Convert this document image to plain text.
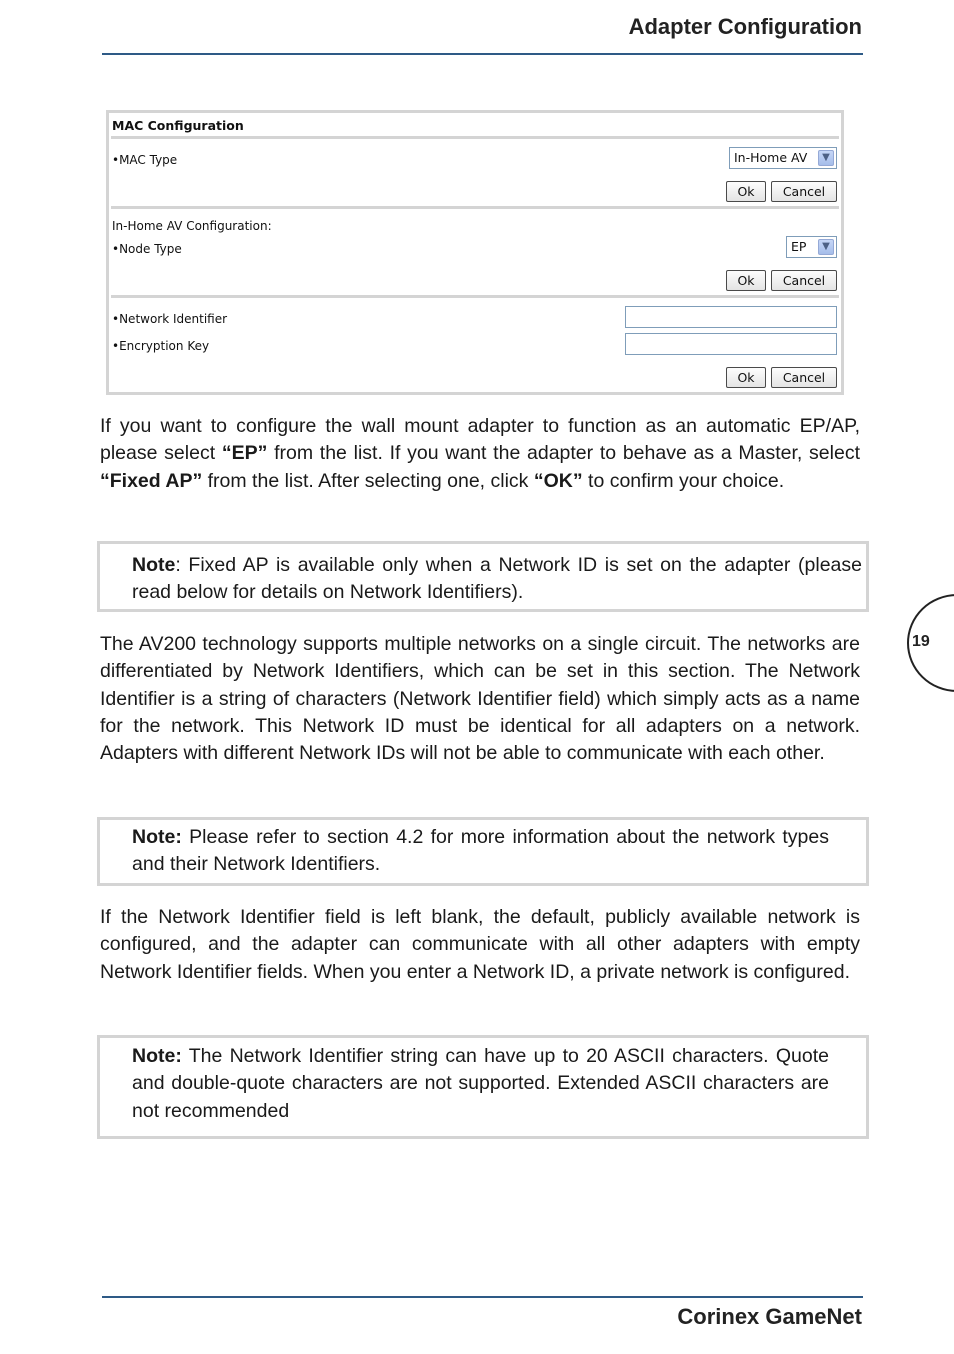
Adapter Configuration
MAC Configuration
•MAC Type	In-Home AV	▼
Ok	Cancel
In-Home AV Configuration:
•Node Type	EP	▼
Ok	Cancel
•Network Identifier
•Encryption Key
Ok	Cancel
If you want to configure the wall mount adapter to function as an automatic EP/AP, please select “EP” from the list. If you want the adapter to behave as a Master, select “Fixed AP” from the list. After selecting one, click “OK” to confirm your choice.
Note: Fixed AP is available only when a Network ID is set on the adapter (please read below for details on Network Identifiers).
The AV200 technology supports multiple networks on a single circuit. The networks are differentiated by Network Identifiers, which can be set in this section. The Network Identifier is a string of characters (Network Identifier field) which simply acts as a name for the network. This Network ID must be identical for all adapters on a network. Adapters with different Network IDs will not be able to communicate with each other.
Note: Please refer to section 4.2 for more information about the network types and their Network Identifiers.
If the Network Identifier field is left blank, the default, publicly available network is configured, and the adapter can communicate with all other adapters with empty Network Identifier fields. When you enter a Network ID, a private network is configured.
Note: The Network Identifier string can have up to 20 ASCII characters. Quote and double-quote characters are not supported. Extended ASCII characters are not recommended
19
Corinex GameNet
